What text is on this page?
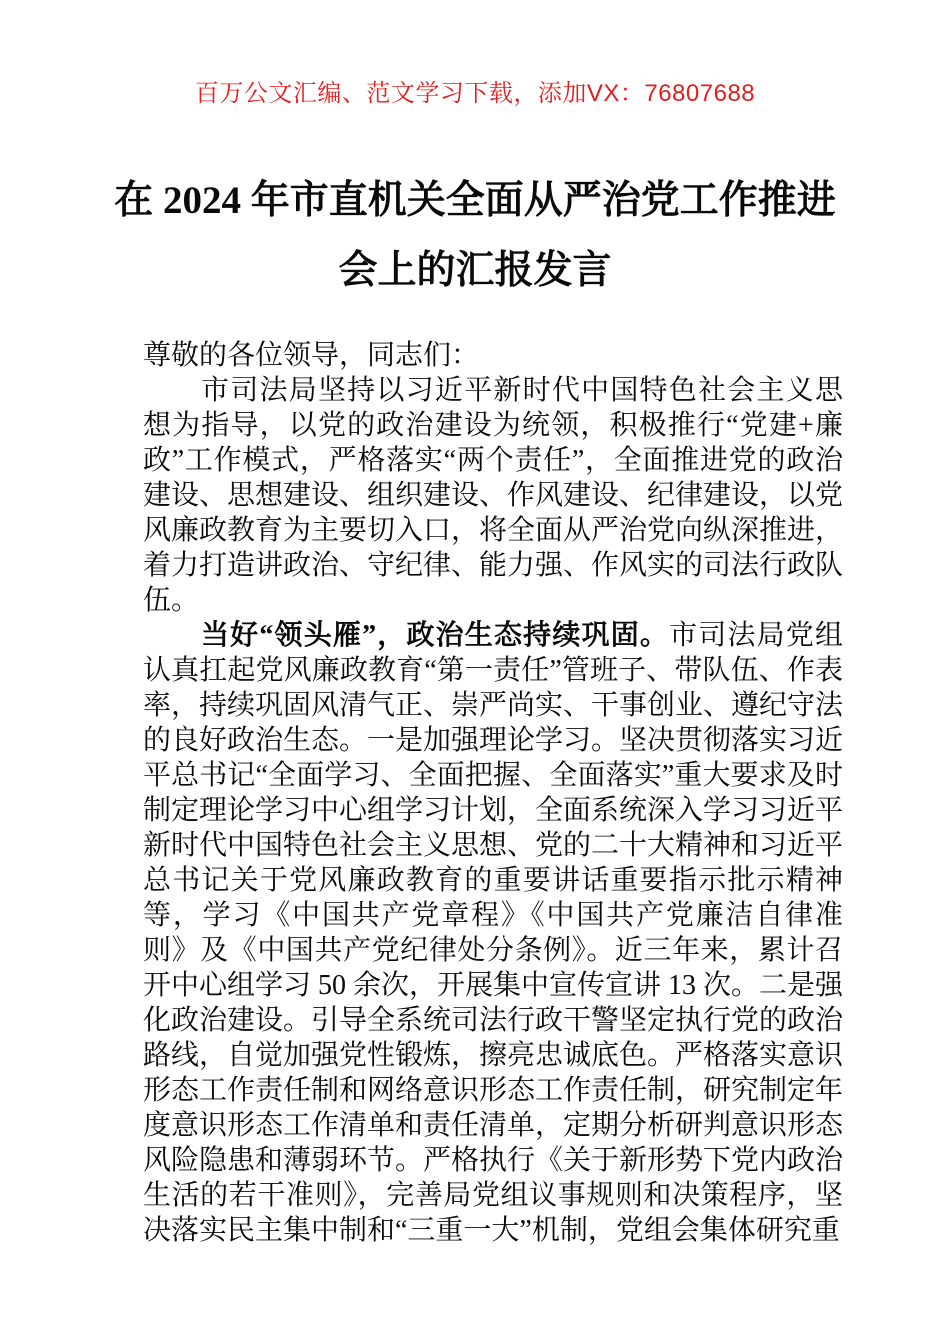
百万公文汇编、范文学习下载，添加VX：76807688
在 2024 年市直机关全面从严治党工作推进
会上的汇报发言

尊敬的各位领导，同志们：

市司法局坚持以习近平新时代中国特色社会主义思想为指导，以党的政治建设为统领，积极推行“党建+廉政”工作模式，严格落实“两个责任”，全面推进党的政治建设、思想建设、组织建设、作风建设、纪律建设，以党风廉政教育为主要切入口，将全面从严治党向纵深推进，着力打造讲政治、守纪律、能力强、作风实的司法行政队伍。

当好“领头雁”，政治生态持续巩固。市司法局党组认真扛起党风廉政教育“第一责任”管班子、带队伍、作表率，持续巩固风清气正、崇严尚实、干事创业、遵纪守法的良好政治生态。一是加强理论学习。坚决贯彻落实习近平总书记“全面学习、全面把握、全面落实”重大要求及时制定理论学习中心组学习计划，全面系统深入学习习近平新时代中国特色社会主义思想、党的二十大精神和习近平总书记关于党风廉政教育的重要讲话重要指示批示精神等，学习《中国共产党章程》《中国共产党廉洁自律准则》及《中国共产党纪律处分条例》。近三年来，累计召开中心组学习 50 余次，开展集中宣传宣讲 13 次。二是强化政治建设。引导全系统司法行政干警坚定执行党的政治路线，自觉加强党性锻炼，擦亮忠诚底色。严格落实意识形态工作责任制和网络意识形态工作责任制，研究制定年度意识形态工作清单和责任清单，定期分析研判意识形态风险隐患和薄弱环节。严格执行《关于新形势下党内政治生活的若干准则》，完善局党组议事规则和决策程序，坚决落实民主集中制和“三重一大”机制，党组会集体研究重
